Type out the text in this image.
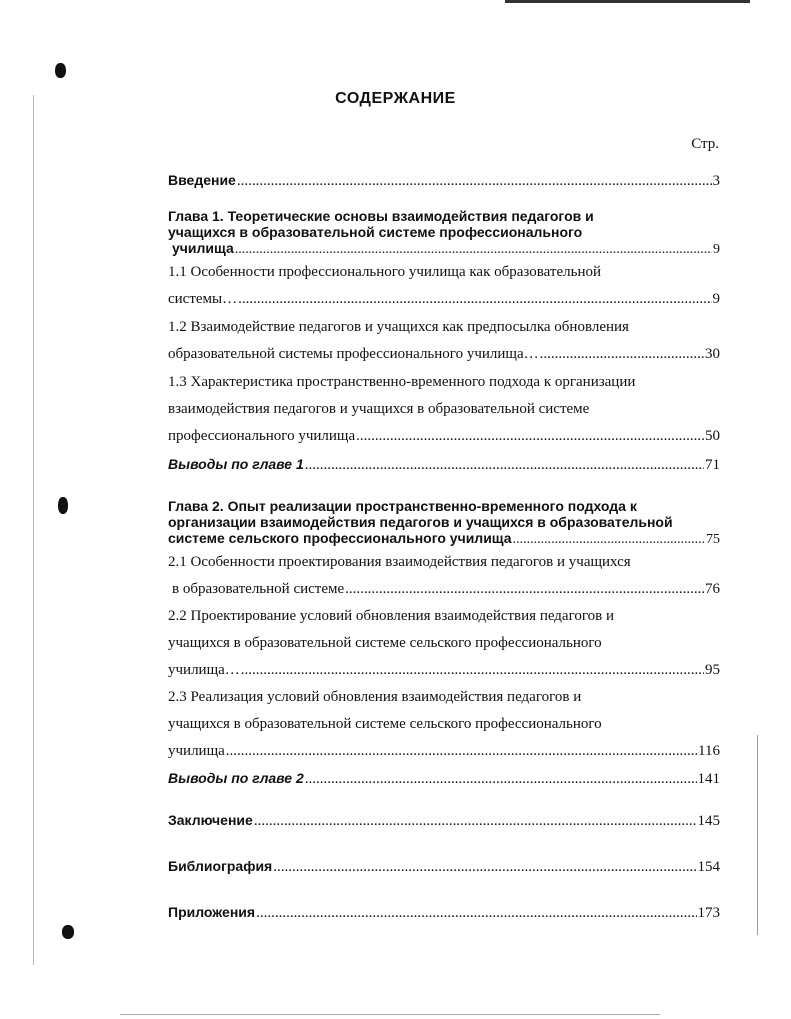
СОДЕРЖАНИЕ
Стр.
Введение .....	3
Глава 1. Теоретические основы взаимодействия педагогов и
учащихся в образовательной системе профессионального
училища .....	9
1.1 Особенности профессионального училища как образовательной
системы… .....	9
1.2 Взаимодействие педагогов и учащихся как предпосылка обновления
образовательной системы профессионального училища… .....	30
1.3 Характеристика пространственно-временного подхода к организации
взаимодействия педагогов и учащихся в образовательной системе
профессионального училища .....	50
Выводы по главе 1 .....	71
Глава 2. Опыт реализации пространственно-временного подхода к
организации взаимодействия педагогов и учащихся в образовательной
системе сельского профессионального училища .....	75
2.1 Особенности проектирования взаимодействия педагогов и учащихся
в образовательной системе .....	76
2.2 Проектирование условий обновления взаимодействия педагогов и
учащихся в образовательной системе сельского профессионального
училища… .....	95
2.3 Реализация условий обновления взаимодействия педагогов и
учащихся в образовательной системе сельского профессионального
училища .....	116
Выводы по главе 2 .....	141
Заключение .....	145
Библиография .....	154
Приложения .....	173
